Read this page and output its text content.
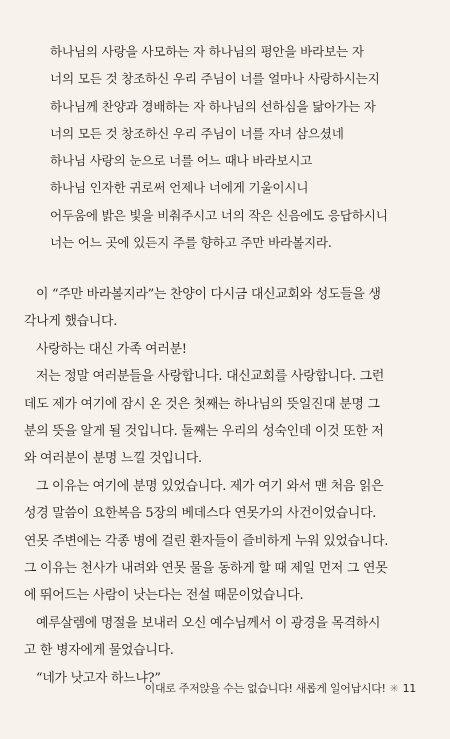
하나님의 사랑을 사모하는 자 하나님의 평안을 바라보는 자
너의 모든 것 창조하신 우리 주님이 너를 얼마나 사랑하시는지
하나님께 찬양과 경배하는 자 하나님의 선하심을 닮아가는 자
너의 모든 것 창조하신 우리 주님이 너를 자녀 삼으셨네
하나님 사랑의 눈으로 너를 어느 때나 바라보시고
하나님 인자한 귀로써 언제나 너에게 기울이시니
어두움에 밝은 빛을 비춰주시고 너의 작은 신음에도 응답하시니
너는 어느 곳에 있든지 주를 향하고 주만 바라볼지라.
이 “주만 바라볼지라”는 찬양이 다시금 대신교회와 성도들을 생
각나게 했습니다.
사랑하는 대신 가족 여러분!
저는 정말 여러분들을 사랑합니다. 대신교회를 사랑합니다. 그런
데도 제가 여기에 잠시 온 것은 첫째는 하나님의 뜻일진대 분명 그
분의 뜻을 알게 될 것입니다. 둘째는 우리의 성숙인데 이것 또한 저
와 여러분이 분명 느낄 것입니다.
그 이유는 여기에 분명 있었습니다. 제가 여기 와서 맨 처음 읽은
성경 말씀이 요한복음 5장의 베데스다 연못가의 사건이었습니다.
연못 주변에는 각종 병에 걸린 환자들이 즐비하게 누워 있었습니다.
그 이유는 천사가 내려와 연못 물을 동하게 할 때 제일 먼저 그 연못
에 뛰어드는 사람이 낫는다는 전설 때문이었습니다.
예루살렘에 명절을 보내러 오신 예수님께서 이 광경을 목격하시
고 한 병자에게 물었습니다.
“네가 낫고자 하느냐?”
이대로 주저앉을 수는 없습니다! 새롭게 일어납시다! ✳ 11
